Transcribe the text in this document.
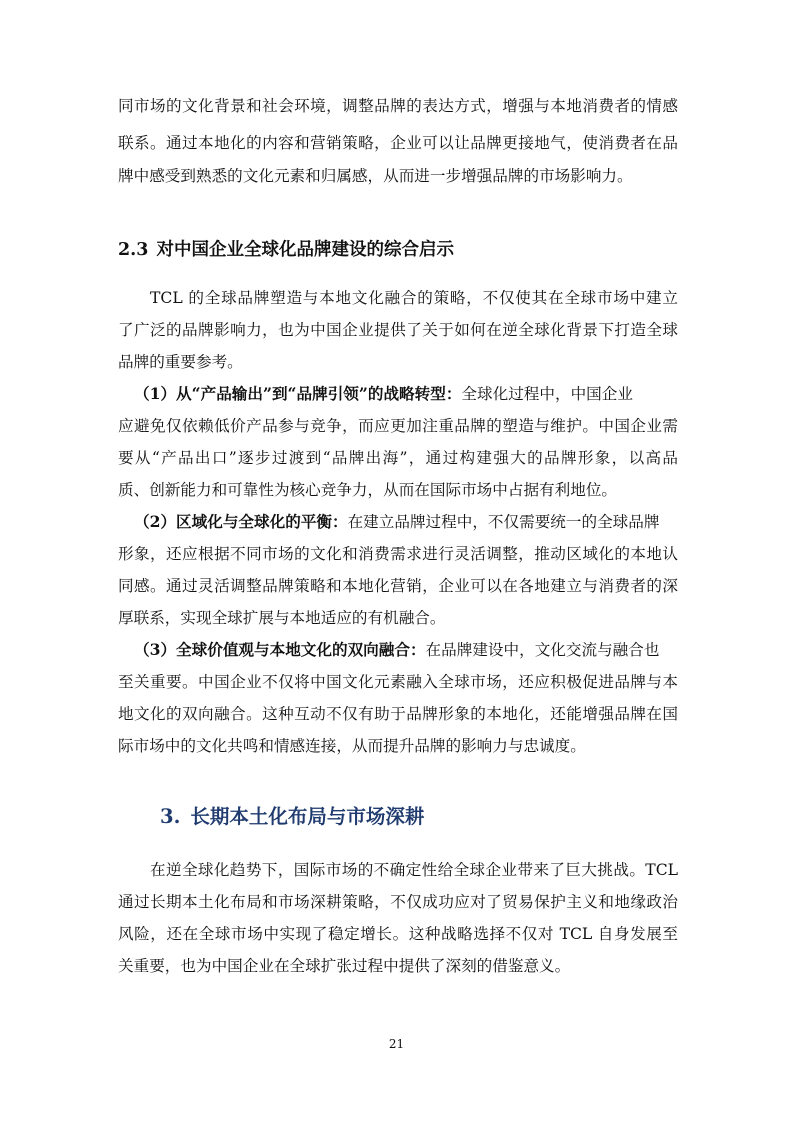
同市场的文化背景和社会环境，调整品牌的表达方式，增强与本地消费者的情感
联系。通过本地化的内容和营销策略，企业可以让品牌更接地气，使消费者在品
牌中感受到熟悉的文化元素和归属感，从而进一步增强品牌的市场影响力。
2.3 对中国企业全球化品牌建设的综合启示
TCL 的全球品牌塑造与本地文化融合的策略，不仅使其在全球市场中建立
了广泛的品牌影响力，也为中国企业提供了关于如何在逆全球化背景下打造全球
品牌的重要参考。
（1）从“产品输出”到“品牌引领”的战略转型：全球化过程中，中国企业
应避免仅依赖低价产品参与竞争，而应更加注重品牌的塑造与维护。中国企业需
要从“产品出口”逐步过渡到“品牌出海”，通过构建强大的品牌形象，以高品
质、创新能力和可靠性为核心竞争力，从而在国际市场中占据有利地位。
（2）区域化与全球化的平衡：在建立品牌过程中，不仅需要统一的全球品牌
形象，还应根据不同市场的文化和消费需求进行灵活调整，推动区域化的本地认
同感。通过灵活调整品牌策略和本地化营销，企业可以在各地建立与消费者的深
厚联系，实现全球扩展与本地适应的有机融合。
（3）全球价值观与本地文化的双向融合：在品牌建设中，文化交流与融合也
至关重要。中国企业不仅将中国文化元素融入全球市场，还应积极促进品牌与本
地文化的双向融合。这种互动不仅有助于品牌形象的本地化，还能增强品牌在国
际市场中的文化共鸣和情感连接，从而提升品牌的影响力与忠诚度。
3. 长期本土化布局与市场深耕
在逆全球化趋势下，国际市场的不确定性给全球企业带来了巨大挑战。TCL
通过长期本土化布局和市场深耕策略，不仅成功应对了贸易保护主义和地缘政治
风险，还在全球市场中实现了稳定增长。这种战略选择不仅对 TCL 自身发展至
关重要，也为中国企业在全球扩张过程中提供了深刻的借鉴意义。
21
